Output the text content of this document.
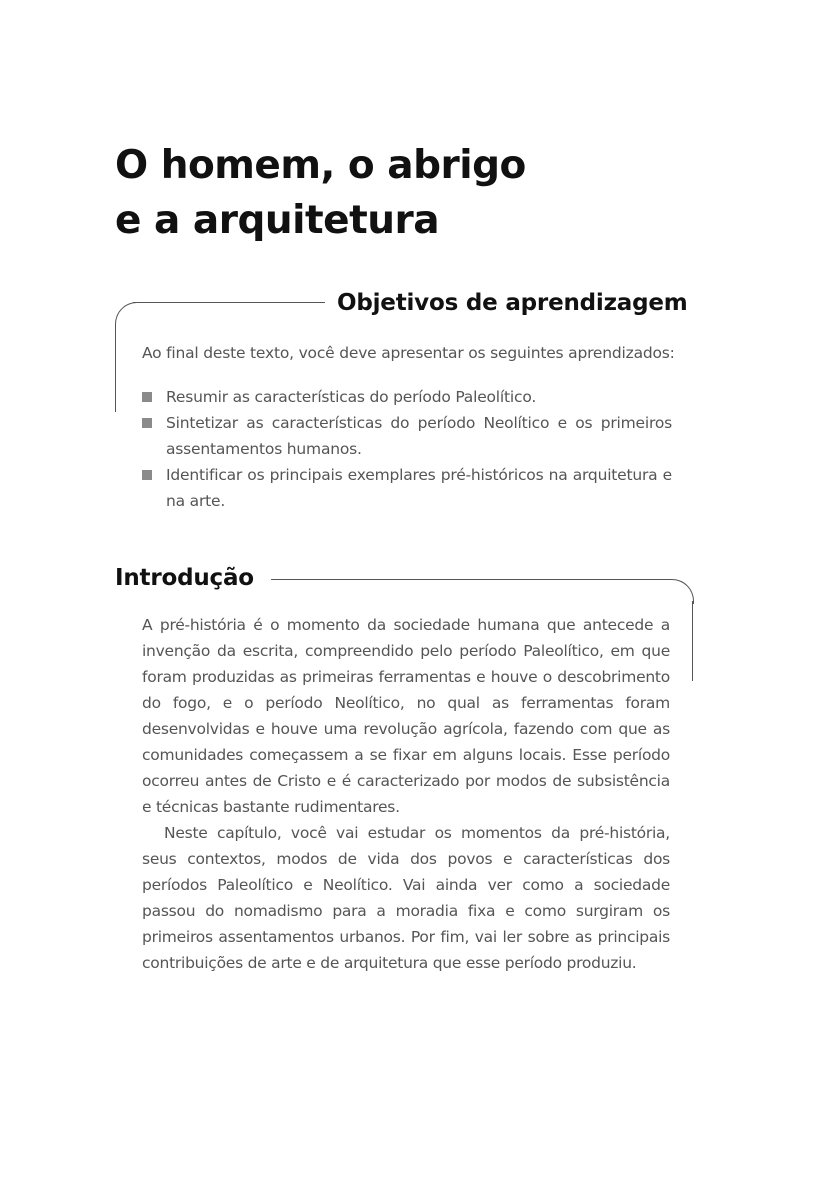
O homem, o abrigo
e a arquitetura
Objetivos de aprendizagem

Ao final deste texto, você deve apresentar os seguintes aprendizados:

Resumir as características do período Paleolítico.
Sintetizar as características do período Neolítico e os primeiros assentamentos humanos.
Identificar os principais exemplares pré-históricos na arquitetura e na arte.
Introdução

A pré-história é o momento da sociedade humana que antecede a invenção da escrita, compreendido pelo período Paleolítico, em que foram produzidas as primeiras ferramentas e houve o descobrimento do fogo, e o período Neolítico, no qual as ferramentas foram desenvolvidas e houve uma revolução agrícola, fazendo com que as comunidades começassem a se fixar em alguns locais. Esse período ocorreu antes de Cristo e é caracterizado por modos de subsistência e técnicas bastante rudimentares.

Neste capítulo, você vai estudar os momentos da pré-história, seus contextos, modos de vida dos povos e características dos períodos Paleolítico e Neolítico. Vai ainda ver como a sociedade passou do nomadismo para a moradia fixa e como surgiram os primeiros assentamentos urbanos. Por fim, vai ler sobre as principais contribuições de arte e de arquitetura que esse período produziu.
